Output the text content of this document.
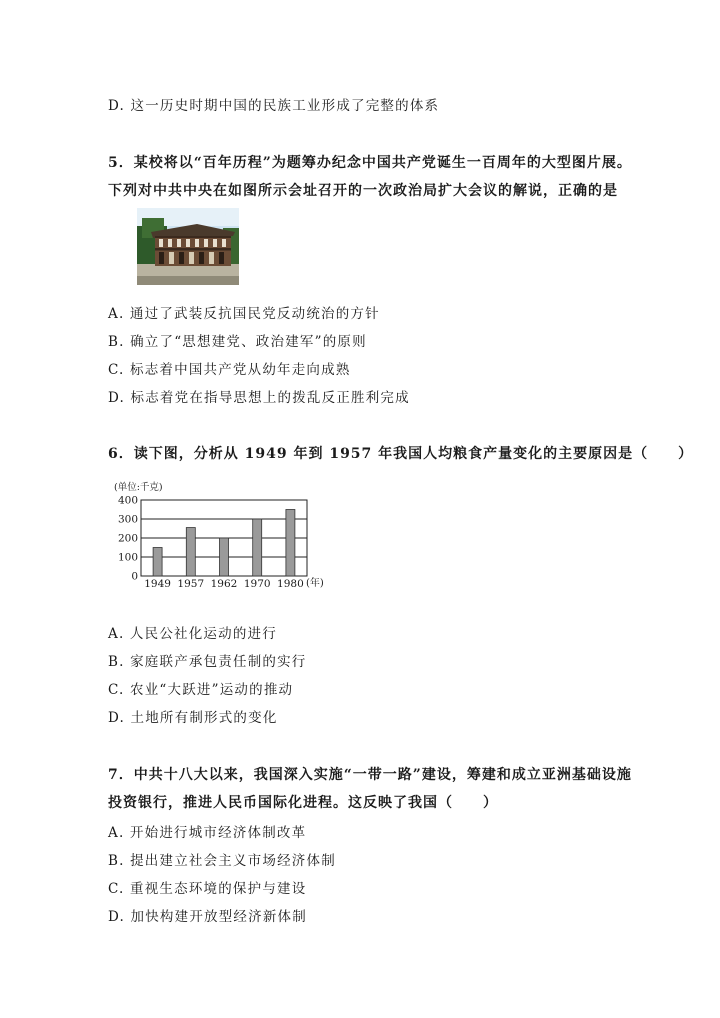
D. 这一历史时期中国的民族工业形成了完整的体系
5．某校将以“百年历程”为题筹办纪念中国共产党诞生一百周年的大型图片展。
下列对中共中央在如图所示会址召开的一次政治局扩大会议的解说，正确的是
A. 通过了武装反抗国民党反动统治的方针
B. 确立了“思想建党、政治建军”的原则
C. 标志着中国共产党从幼年走向成熟
D. 标志着党在指导思想上的拨乱反正胜利完成
6．读下图，分析从 1949 年到 1957 年我国人均粮食产量变化的主要原因是（　　）
(单位:千克)
0
100
200
300
400
1949 1957 1962 1970 1980 (年)
A. 人民公社化运动的进行
B. 家庭联产承包责任制的实行
C. 农业“大跃进”运动的推动
D. 土地所有制形式的变化
7．中共十八大以来，我国深入实施“一带一路”建设，筹建和成立亚洲基础设施
投资银行，推进人民币国际化进程。这反映了我国（　　）
A. 开始进行城市经济体制改革
B. 提出建立社会主义市场经济体制
C. 重视生态环境的保护与建设
D. 加快构建开放型经济新体制
